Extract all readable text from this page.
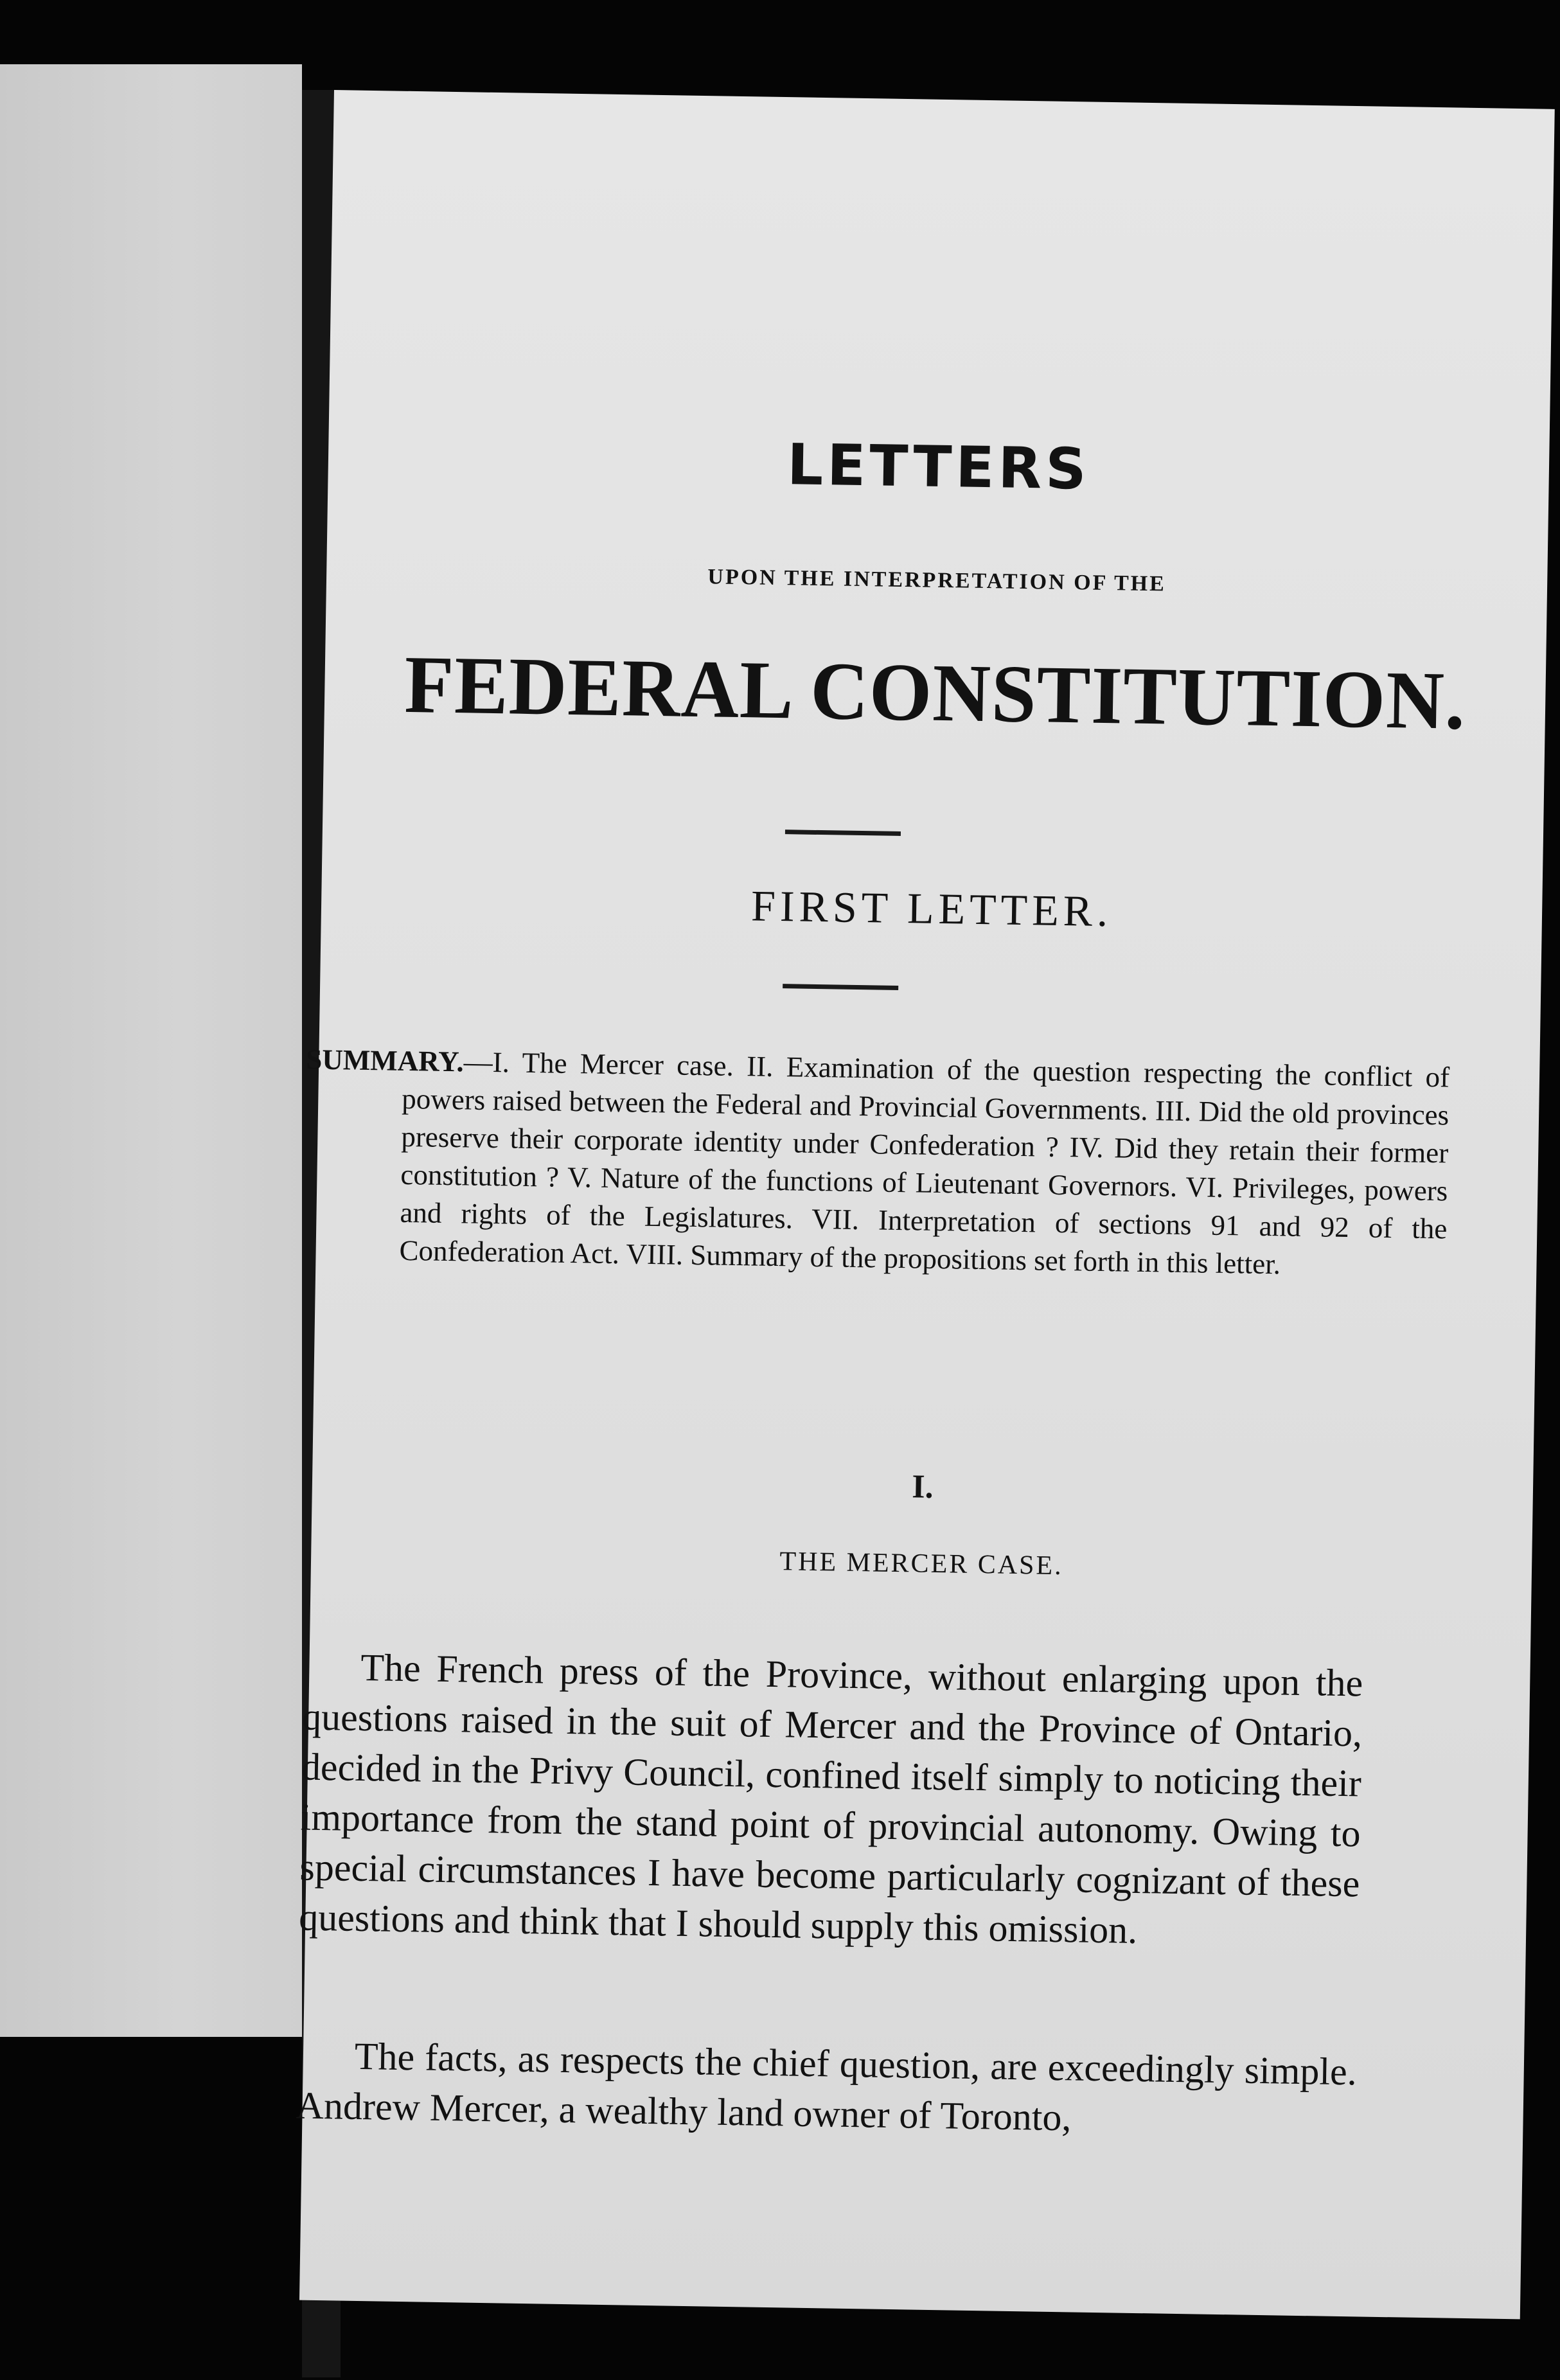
LETTERS
UPON THE INTERPRETATION OF THE
FEDERAL CONSTITUTION.
FIRST LETTER.
SUMMARY.—I. The Mercer case. II. Examination of the question respecting the conflict of powers raised between the Federal and Provincial Governments. III. Did the old provinces preserve their corporate identity under Confederation ? IV. Did they retain their former constitution ? V. Nature of the functions of Lieutenant Governors. VI. Privileges, powers and rights of the Legislatures. VII. Interpretation of sections 91 and 92 of the Confederation Act. VIII. Summary of the propositions set forth in this letter.
I.
THE MERCER CASE.

The French press of the Province, without enlarging upon the questions raised in the suit of Mercer and the Province of Ontario, decided in the Privy Council, confined itself simply to noticing their importance from the stand point of provincial autonomy. Owing to special circumstances I have become particularly cognizant of these questions and think that I should supply this omission.

The facts, as respects the chief question, are exceedingly simple. Andrew Mercer, a wealthy land owner of Toronto,
